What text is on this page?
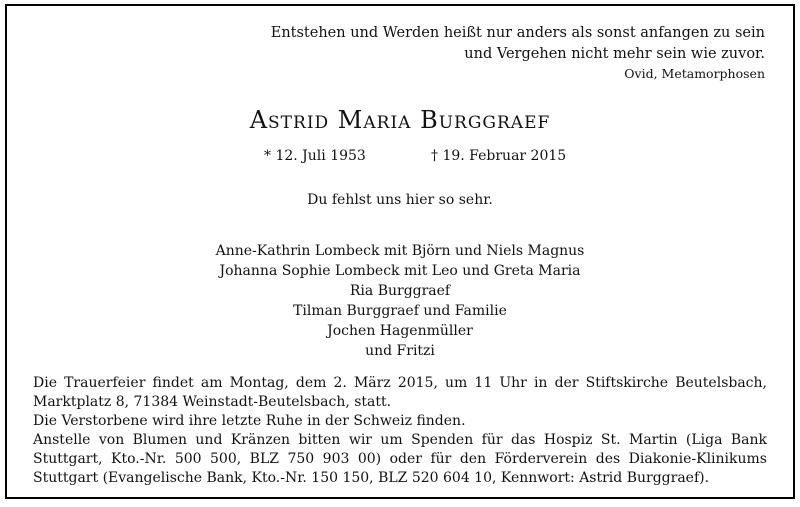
Entstehen und Werden heißt nur anders als sonst anfangen zu sein
und Vergehen nicht mehr sein wie zuvor.
Ovid, Metamorphosen
Astrid Maria Burggraef
* 12. Juli 1953	† 19. Februar 2015
Du fehlst uns hier so sehr.
Anne-Kathrin Lombeck mit Björn und Niels Magnus
Johanna Sophie Lombeck mit Leo und Greta Maria
Ria Burggraef
Tilman Burggraef und Familie
Jochen Hagenmüller
und Fritzi
Die Trauerfeier findet am Montag, dem 2. März 2015, um 11 Uhr in der Stiftskirche Beutelsbach, Marktplatz 8, 71384 Weinstadt-Beutelsbach, statt.
Die Verstorbene wird ihre letzte Ruhe in der Schweiz finden.
Anstelle von Blumen und Kränzen bitten wir um Spenden für das Hospiz St. Martin (Liga Bank Stuttgart, Kto.-Nr. 500 500, BLZ 750 903 00) oder für den Förderverein des Diakonie-Klinikums Stuttgart (Evangelische Bank, Kto.-Nr. 150 150, BLZ 520 604 10, Kennwort: Astrid Burggraef).
